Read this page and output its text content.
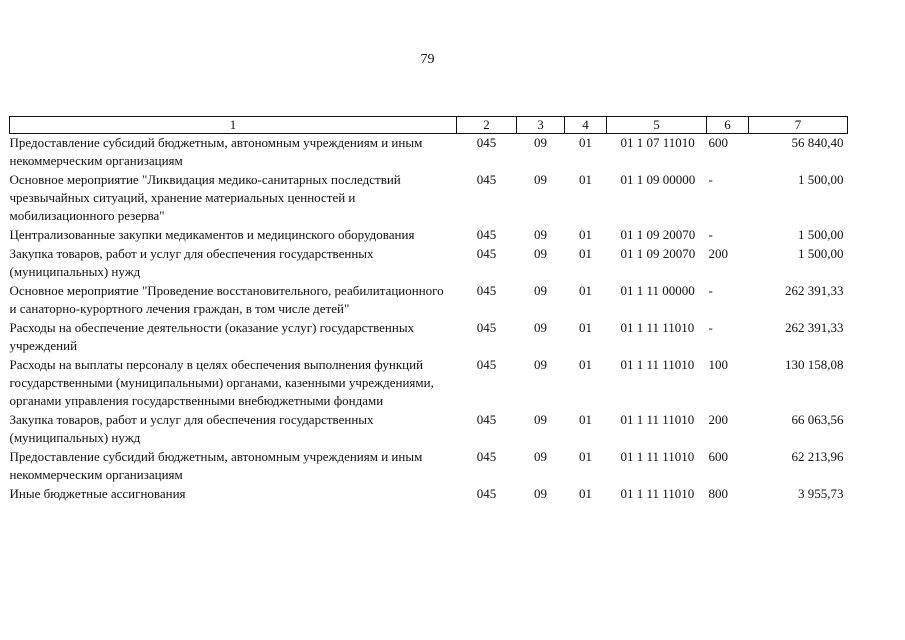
79
1	2	3	4	5	6	7
Предоставление субсидий бюджетным, автономным учреждениям и иным некоммерческим организациям	045	09	01	01 1 07 11010	600	56 840,40
Основное мероприятие "Ликвидация медико-санитарных последствий чрезвычайных ситуаций, хранение материальных ценностей и мобилизационного резерва"	045	09	01	01 1 09 00000	-	1 500,00
Централизованные закупки медикаментов и медицинского оборудования	045	09	01	01 1 09 20070	-	1 500,00
Закупка товаров, работ и услуг для обеспечения государственных (муниципальных) нужд	045	09	01	01 1 09 20070	200	1 500,00
Основное мероприятие "Проведение восстановительного, реабилитационного и санаторно-курортного лечения граждан, в том числе детей"	045	09	01	01 1 11 00000	-	262 391,33
Расходы на обеспечение деятельности (оказание услуг) государственных учреждений	045	09	01	01 1 11 11010	-	262 391,33
Расходы на выплаты персоналу в целях обеспечения выполнения функций государственными (муниципальными) органами, казенными учреждениями, органами управления государственными внебюджетными фондами	045	09	01	01 1 11 11010	100	130 158,08
Закупка товаров, работ и услуг для обеспечения государственных (муниципальных) нужд	045	09	01	01 1 11 11010	200	66 063,56
Предоставление субсидий бюджетным, автономным учреждениям и иным некоммерческим организациям	045	09	01	01 1 11 11010	600	62 213,96
Иные бюджетные ассигнования	045	09	01	01 1 11 11010	800	3 955,73
